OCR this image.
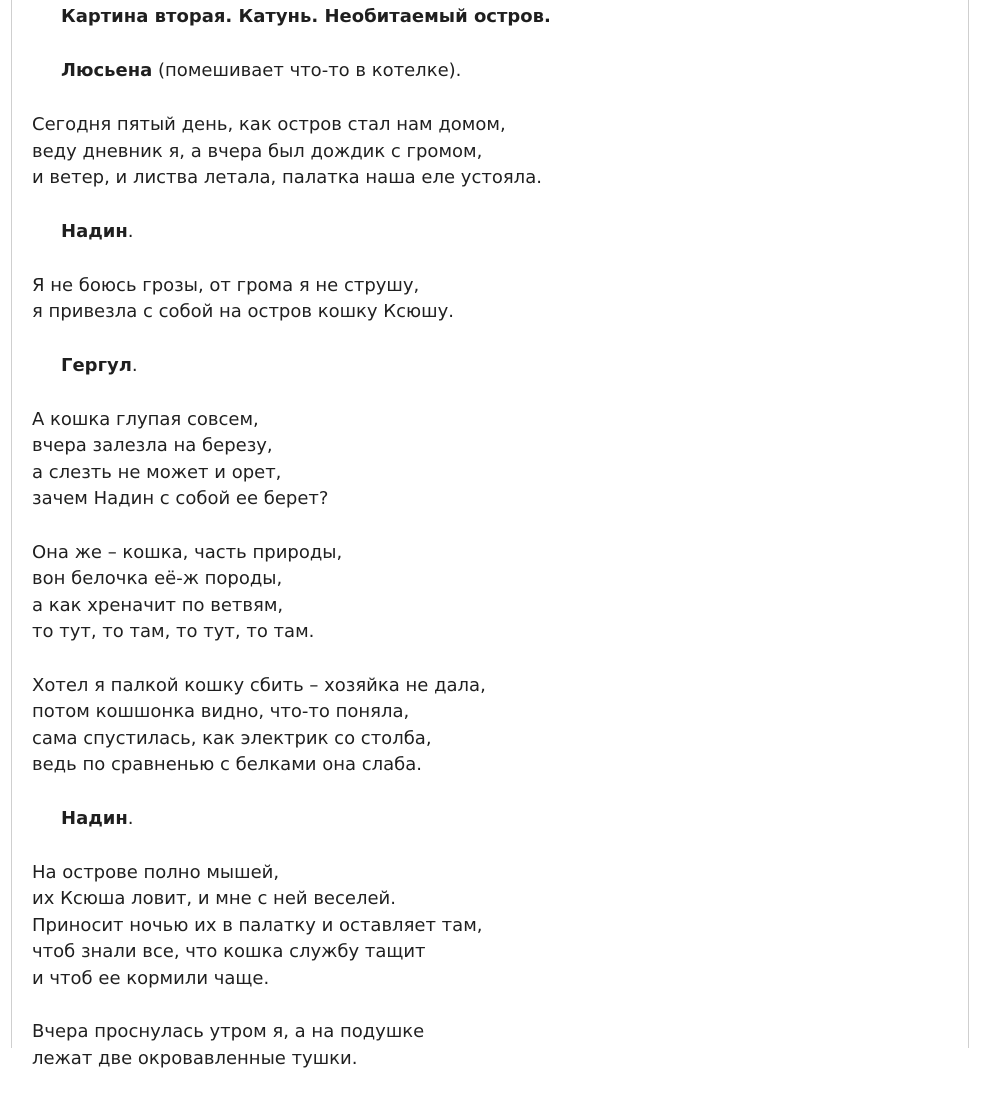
Картина вторая. Катунь. Необитаемый остров.
Люсьена (помешивает что-то в котелке).
Сегодня пятый день, как остров стал нам домом,
веду дневник я, а вчера был дождик с громом,
и ветер, и листва летала, палатка наша еле устояла.
Надин.
Я не боюсь грозы, от грома я не струшу,
я привезла с собой на остров кошку Ксюшу.
Гергул.
А кошка глупая совсем,
вчера залезла на березу,
а слезть не может и орет,
зачем Надин с собой ее берет?
Она же – кошка, часть природы,
вон белочка её-ж породы,
а как хреначит по ветвям,
то тут, то там, то тут, то там.
Хотел я палкой кошку сбить – хозяйка не дала,
потом кошшонка видно, что-то поняла,
сама спустилась, как электрик со столба,
ведь по сравненью с белками она слаба.
Надин.
На острове полно мышей,
их Ксюша ловит, и мне с ней веселей.
Приносит ночью их в палатку и оставляет там,
чтоб знали все, что кошка службу тащит
и чтоб ее кормили чаще.
Вчера проснулась утром я, а на подушке
лежат две окровавленные тушки.
